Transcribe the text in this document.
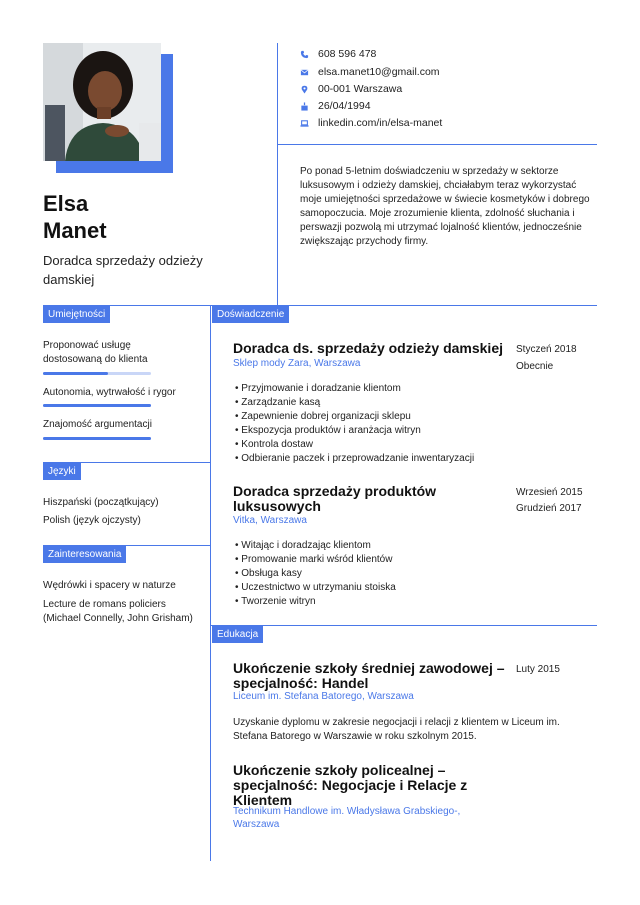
Elsa
Manet
Doradca sprzedaży odzieży damskiej
608 596 478
elsa.manet10@gmail.com
00-001 Warszawa
26/04/1994
linkedin.com/in/elsa-manet
Po ponad 5-letnim doświadczeniu w sprzedaży w sektorze luksusowym i odzieży damskiej, chciałabym teraz wykorzystać moje umiejętności sprzedażowe w świecie kosmetyków i dobrego samopoczucia. Moje zrozumienie klienta, zdolność słuchania i perswazji pozwolą mi utrzymać lojalność klientów, jednocześnie zwiększając przychody firmy.
Umiejętności
Proponować usługę dostosowaną do klienta
Autonomia, wytrwałość i rygor
Znajomość argumentacji
Języki
Hiszpański (początkujący)
Polish (język ojczysty)
Zainteresowania
Wędrówki i spacery w naturze
Lecture de romans policiers (Michael Connelly, John Grisham)
Doświadczenie
Doradca ds. sprzedaży odzieży damskiej
Sklep mody Zara, Warszawa
Styczeń 2018
Obecnie
• Przyjmowanie i doradzanie klientom
• Zarządzanie kasą
• Zapewnienie dobrej organizacji sklepu
• Ekspozycja produktów i aranżacja witryn
• Kontrola dostaw
• Odbieranie paczek i przeprowadzanie inwentaryzacji
Doradca sprzedaży produktów luksusowych
Vitka, Warszawa
Wrzesień 2015
Grudzień 2017
• Witając i doradzając klientom
• Promowanie marki wśród klientów
• Obsługa kasy
• Uczestnictwo w utrzymaniu stoiska
• Tworzenie witryn
Edukacja
Ukończenie szkoły średniej zawodowej – specjalność: Handel
Liceum im. Stefana Batorego, Warszawa
Luty 2015
Uzyskanie dyplomu w zakresie negocjacji i relacji z klientem w Liceum im. Stefana Batorego w Warszawie w roku szkolnym 2015.
Ukończenie szkoły policealnej – specjalność: Negocjacje i Relacje z Klientem
Technikum Handlowe im. Władysława Grabskiego-, Warszawa
